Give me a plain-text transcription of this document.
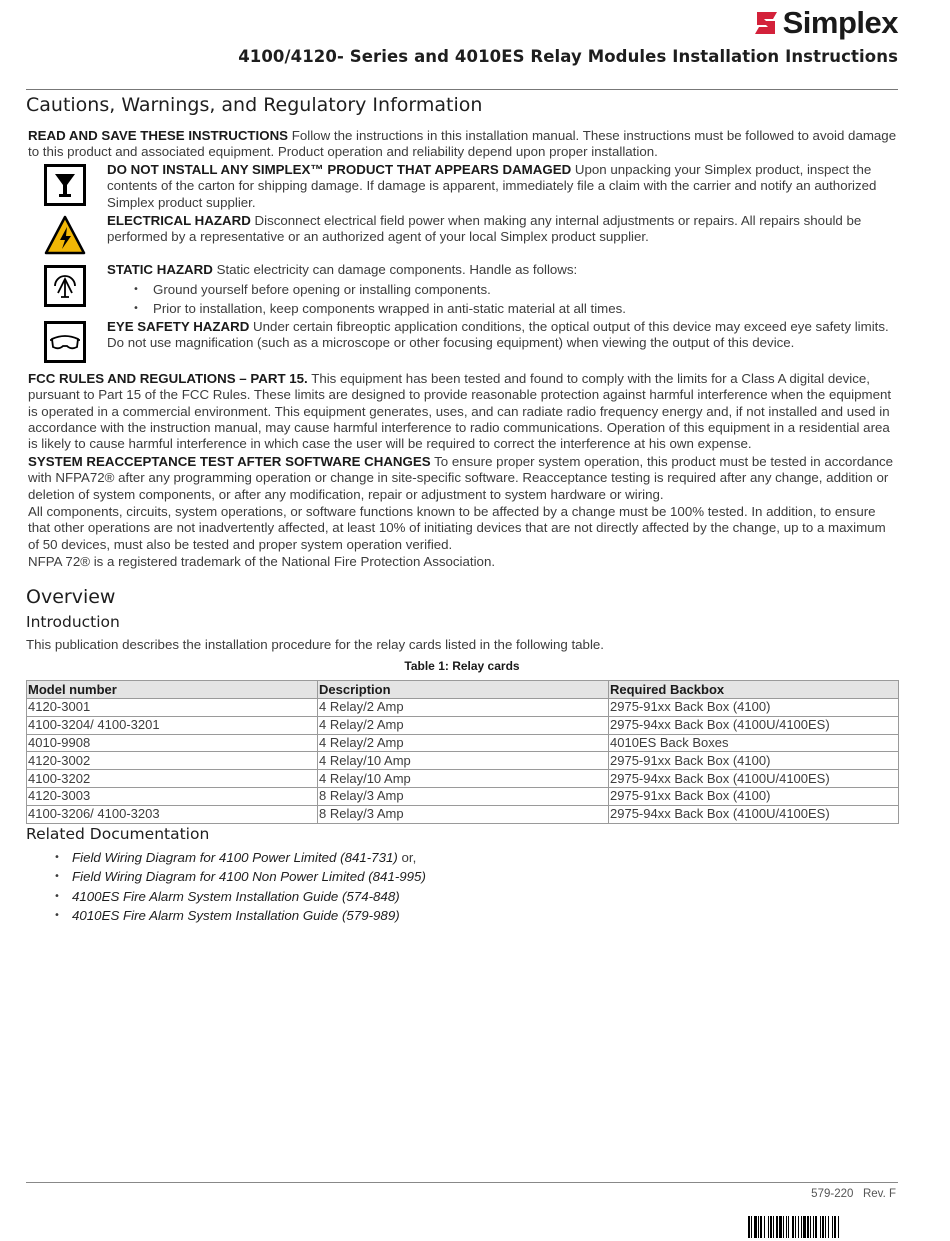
Simplex
4100/4120- Series and 4010ES Relay Modules Installation Instructions
Cautions, Warnings, and Regulatory Information

READ AND SAVE THESE INSTRUCTIONS Follow the instructions in this installation manual. These instructions must be followed to avoid damage to this product and associated equipment. Product operation and reliability depend upon proper installation.

DO NOT INSTALL ANY SIMPLEX™ PRODUCT THAT APPEARS DAMAGED Upon unpacking your Simplex product, inspect the contents of the carton for shipping damage. If damage is apparent, immediately file a claim with the carrier and notify an authorized Simplex product supplier.

ELECTRICAL HAZARD Disconnect electrical field power when making any internal adjustments or repairs. All repairs should be performed by a representative or an authorized agent of your local Simplex product supplier.

STATIC HAZARD Static electricity can damage components. Handle as follows:

• Ground yourself before opening or installing components.
• Prior to installation, keep components wrapped in anti-static material at all times.

EYE SAFETY HAZARD Under certain fibreoptic application conditions, the optical output of this device may exceed eye safety limits. Do not use magnification (such as a microscope or other focusing equipment) when viewing the output of this device.

FCC RULES AND REGULATIONS – PART 15. This equipment has been tested and found to comply with the limits for a Class A digital device, pursuant to Part 15 of the FCC Rules. These limits are designed to provide reasonable protection against harmful interference when the equipment is operated in a commercial environment. This equipment generates, uses, and can radiate radio frequency energy and, if not installed and used in accordance with the instruction manual, may cause harmful interference to radio communications. Operation of this equipment in a residential area is likely to cause harmful interference in which case the user will be required to correct the interference at his own expense.

SYSTEM REACCEPTANCE TEST AFTER SOFTWARE CHANGES To ensure proper system operation, this product must be tested in accordance with NFPA72® after any programming operation or change in site-specific software. Reacceptance testing is required after any change, addition or deletion of system components, or after any modification, repair or adjustment to system hardware or wiring.

All components, circuits, system operations, or software functions known to be affected by a change must be 100% tested. In addition, to ensure that other operations are not inadvertently affected, at least 10% of initiating devices that are not directly affected by the change, up to a maximum of 50 devices, must also be tested and proper system operation verified.

NFPA 72® is a registered trademark of the National Fire Protection Association.

Overview
Introduction

This publication describes the installation procedure for the relay cards listed in the following table.

Table 1: Relay cards
Model number	Description	Required Backbox
4120-3001	4 Relay/2 Amp	2975-91xx Back Box (4100)
4100-3204/ 4100-3201	4 Relay/2 Amp	2975-94xx Back Box (4100U/4100ES)
4010-9908	4 Relay/2 Amp	4010ES Back Boxes
4120-3002	4 Relay/10 Amp	2975-91xx Back Box (4100)
4100-3202	4 Relay/10 Amp	2975-94xx Back Box (4100U/4100ES)
4120-3003	8 Relay/3 Amp	2975-91xx Back Box (4100)
4100-3206/ 4100-3203	8 Relay/3 Amp	2975-94xx Back Box (4100U/4100ES)
Related Documentation
• Field Wiring Diagram for 4100 Power Limited (841-731) or,
• Field Wiring Diagram for 4100 Non Power Limited (841-995)
• 4100ES Fire Alarm System Installation Guide (574-848)
• 4010ES Fire Alarm System Installation Guide (579-989)
579-220 Rev. F
